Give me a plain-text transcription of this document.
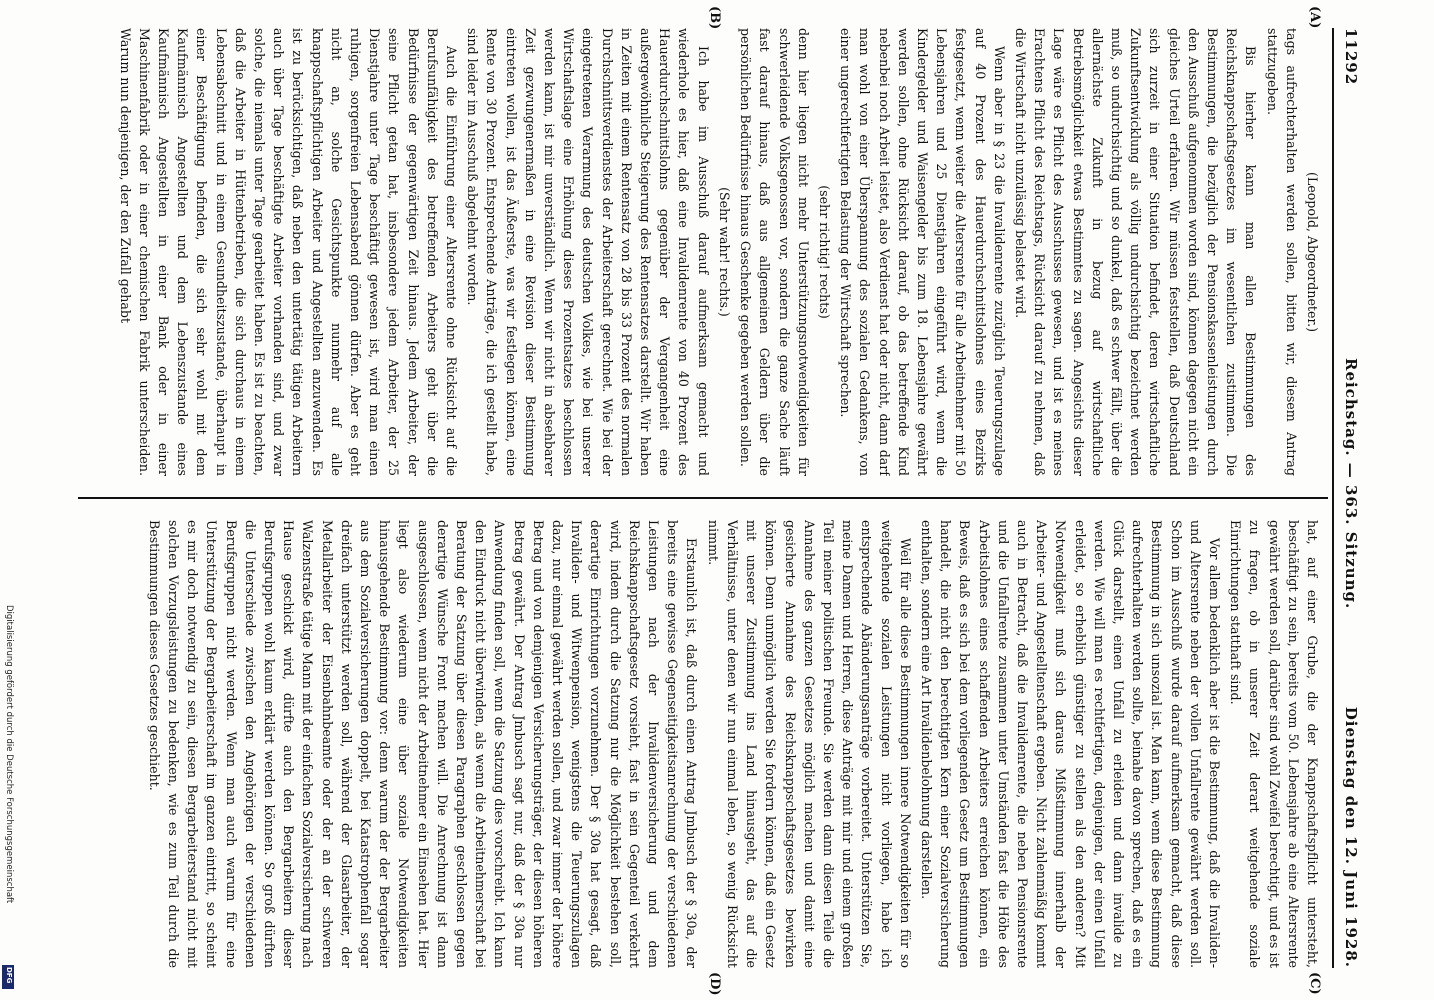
11292
Reichstag. — 363. Sitzung.
Dienstag den 12. Juni 1928.
(A)
(B)
(C)
(D)

(Leopold, Abgeordneter.)

tags aufrechterhalten werden sollen, bitten wir, diesem Antrag stattzugeben.

Bis hierher kann man allen Bestimmungen des Reichsknappschaftsgesetzes im wesentlichen zustimmen. Die Bestimmungen, die bezüglich der Pensionskassenleistungen durch den Ausschuß aufgenommen worden sind, können dagegen nicht ein gleiches Urteil erfahren. Wir müssen feststellen, daß Deutschland sich zurzeit in einer Situation befindet, deren wirtschaftliche Zukunftsentwicklung als völlig undurchsichtig bezeichnet werden muß, so undurchsichtig und so dunkel, daß es schwer fällt, über die allernächste Zukunft in bezug auf wirtschaftliche Betriebsmöglichkeit etwas Bestimmtes zu sagen. Angesichts dieser Lage wäre es Pflicht des Ausschusses gewesen, und ist es meines Erachtens Pflicht des Reichstags, Rücksicht darauf zu nehmen, daß die Wirtschaft nicht unzulässig belastet wird.

Wenn aber in § 23 die Invalidenrente zuzüglich Teuerungszulage auf 40 Prozent des Hauerdurchschnittslohnes eines Bezirks festgesetzt, wenn weiter die Altersrente für alle Arbeitnehmer mit 50 Lebensjahren und 25 Dienstjahren eingeführt wird, wenn die Kindergelder und Waisengelder bis zum 18. Lebensjahre gewährt werden sollen, ohne Rücksicht darauf, ob das betreffende Kind nebenbei noch Arbeit leistet, also Verdienst hat oder nicht, dann darf man wohl von einer Überspannung des sozialen Gedankens, von einer ungerechtfertigten Belastung der Wirtschaft sprechen.

(sehr richtig! rechts)

denn hier liegen nicht mehr Unterstützungsnotwendigkeiten für schwerleidende Volksgenossen vor, sondern die ganze Sache läuft fast darauf hinaus, daß aus allgemeinen Geldern über die persönlichen Bedürfnisse hinaus Geschenke gegeben werden sollen.

(Sehr wahr! rechts.)

Ich habe im Ausschuß darauf aufmerksam gemacht und wiederhole es hier, daß eine Invalidenrente von 40 Prozent des Hauerdurchschnittslohns gegenüber der Vergangenheit eine außergewöhnliche Steigerung des Rentensatzes darstellt. Wir haben in Zeiten mit einem Rentensatz von 28 bis 33 Prozent des normalen Durchschnittsverdienstes der Arbeiterschaft gerechnet. Wie bei der eingetretenen Verarmung des deutschen Volkes, wie bei unserer Wirtschaftslage eine Erhöhung dieses Prozentsatzes beschlossen werden kann, ist mir unverständlich. Wenn wir nicht in absehbarer Zeit gezwungenermaßen in eine Revision dieser Bestimmung eintreten wollen, ist das Äußerste, was wir festlegen können, eine Rente von 30 Prozent. Entsprechende Anträge, die ich gestellt habe, sind leider im Ausschuß abgelehnt worden.

Auch die Einführung einer Altersrente ohne Rücksicht auf die Berufsunfähigkeit des betreffenden Arbeiters geht über die Bedürfnisse der gegenwärtigen Zeit hinaus. Jedem Arbeiter, der seine Pflicht getan hat, insbesondere jedem Arbeiter, der 25 Dienstjahre unter Tage beschäftigt gewesen ist, wird man einen ruhigen, sorgenfreien Lebensabend gönnen dürfen. Aber es geht nicht an, solche Gesichtspunkte nunmehr auf alle knappschaftspflichtigen Arbeiter und Angestellten anzuwenden. Es ist zu berücksichtigen, daß neben den untertätig tätigen Arbeitern auch über Tage beschäftigte Arbeiter vorhanden sind, und zwar solche, die niemals unter Tage gearbeitet haben. Es ist zu beachten, daß die Arbeiter in Hüttenbetrieben, die sich durchaus in einem Lebensabschnitt und in einem Gesundheitszustande, überhaupt in einer Beschäftigung befinden, die sich sehr wohl mit dem Kaufmännisch Angestellten und dem Lebenszustande eines Kaufmännisch Angestellten in einer Bank oder in einer Maschinenfabrik oder in einer chemischen Fabrik unterscheiden. Warum nun denjenigen, der den Zufall gehabt

hat, auf einer Grube, die der Knappschaftspflicht untersteht, beschäftigt zu sein, bereits vom 50. Lebensjahre ab eine Altersrente gewährt werden soll, darüber sind wohl Zweifel berechtigt, und es ist zu fragen, ob in unserer Zeit derart weitgehende soziale Einrichtungen statthaft sind.

Vor allem bedenklich aber ist die Bestimmung, daß die Invaliden- und Altersrente neben der vollen Unfallrente gewährt werden soll. Schon im Ausschuß wurde darauf aufmerksam gemacht, daß diese Bestimmung in sich unsozial ist. Man kann, wenn diese Bestimmung aufrechterhalten werden sollte, beinahe davon sprechen, daß es ein Glück darstellt, einen Unfall zu erleiden und dann invalide zu werden. Wie will man es rechtfertigen, denjenigen, der einen Unfall erleidet, so erheblich günstiger zu stellen als den anderen? Mit Notwendigkeit muß sich daraus Mißstimmung innerhalb der Arbeiter- und Angestelltenschaft ergeben. Nicht zahlenmäßig kommt auch in Betracht, daß die Invalidenrente, die neben Pensionsrente und die Unfallrente zusammen unter Umständen fast die Höhe des Arbeitslohnes eines schaffenden Arbeiters erreichen können, ein Beweis, daß es sich bei dem vorliegenden Gesetz um Bestimmungen handelt, die nicht den berechtigten Kern einer Sozialversicherung enthalten, sondern eine Art Invalidenbelohnung darstellen.

Weil für alle diese Bestimmungen innere Notwendigkeiten für so weitgehende sozialen Leistungen nicht vorliegen, habe ich entsprechende Abänderungsanträge vorbereitet. Unterstützen Sie, meine Damen und Herren, diese Anträge mit mir und einem großen Teil meiner politischen Freunde. Sie werden dann diesen Teile die Annahme des ganzen Gesetzes möglich machen und damit eine gesicherte Annahme des Reichsknappschaftsgesetzes bewirken können. Denn unmöglich werden Sie fordern können, daß ein Gesetz mit unserer Zustimmung ins Land hinausgeht, das auf die Verhältnisse, unter denen wir nun einmal leben, so wenig Rücksicht nimmt.

Erstaunlich ist, daß durch einen Antrag Jmbusch der § 30a, der bereits eine gewisse Gegenseitigkeitsanrechnung der verschiedenen Leistungen nach der Invalidenversicherung und dem Reichsknappschaftsgesetz vorsieht, fast in sein Gegenteil verkehrt wird, indem durch die Satzung nur die Möglichkeit bestehen soll, derartige Einrichtungen vorzunehmen. Der § 30a hat gesagt, daß Invaliden- und Witwenpension, wenigstens die Teuerungszulagen dazu, nur einmal gewährt werden sollen, und zwar immer der höhere Betrag und von demjenigen Versicherungsträger, der diesen höheren Betrag gewährt. Der Antrag Jmbusch sagt nur, daß der § 30a nur Anwendung finden soll, wenn die Satzung dies vorschreibt. Ich kann den Eindruck nicht überwinden, als wenn die Arbeitnehmerschaft bei Beratung der Satzung über diesen Paragraphen geschlossen gegen derartige Wünsche Front machen will. Die Anrechnung ist dann ausgeschlossen, wenn nicht der Arbeitnehmer ein Einsehen hat. Hier liegt also wiederum eine über soziale Notwendigkeiten hinausgehende Bestimmung vor: denn warum der der Bergarbeiter aus dem Sozialversicherungen doppelt, bei Katastrophenfall sogar dreifach unterstützt werden soll, während der Glasarbeiter, der Metallarbeiter der Eisenbahnbeamte oder der an der schweren Walzenstraße tätige Mann mit der einfachen Sozialversicherung nach Hause geschickt wird, dürfte auch den Bergarbeitern dieser Berufsgruppen wohl kaum erklärt werden können. So groß dürften die Unterschiede zwischen den Angehörigen der verschiedenen Berufsgruppen nicht werden. Wenn man auch warum für eine Unterstützung der Bergarbeiterschaft im ganzen eintritt, so scheint es mir doch notwendig zu sein, diesen Bergarbeiterstand nicht mit solchen Vorzugsleistungen zu bedenken, wie es zum Teil durch die Bestimmungen dieses Gesetzes geschieht.

Digitalisierung gefördert durch die Deutsche Forschungsgemeinschaft
DFG
